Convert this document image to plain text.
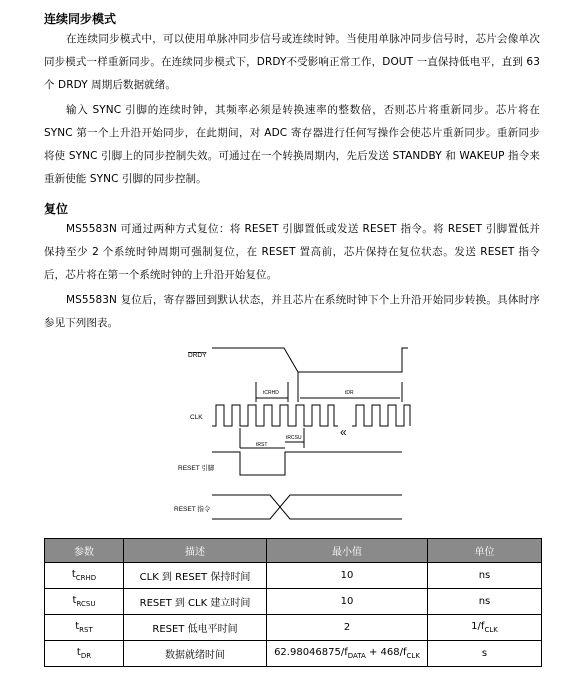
连续同步模式

在连续同步模式中，可以使用单脉冲同步信号或连续时钟。当使用单脉冲同步信号时，芯片会像单次同步模式一样重新同步。在连续同步模式下，DRDY不受影响正常工作，DOUT 一直保持低电平，直到 63 个 DRDY 周期后数据就绪。

输入 SYNC 引脚的连续时钟，其频率必须是转换速率的整数倍，否则芯片将重新同步。芯片将在 SYNC 第一个上升沿开始同步，在此期间，对 ADC 寄存器进行任何写操作会使芯片重新同步。重新同步将使 SYNC 引脚上的同步控制失效。可通过在一个转换周期内，先后发送 STANDBY 和 WAKEUP 指令来重新使能 SYNC 引脚的同步控制。

复位

MS5583N 可通过两种方式复位：将 RESET 引脚置低或发送 RESET 指令。将 RESET 引脚置低并保持至少 2 个系统时钟周期可强制复位，在 RESET 置高前，芯片保持在复位状态。发送 RESET 指令后，芯片将在第一个系统时钟的上升沿开始复位。

MS5583N 复位后，寄存器回到默认状态，并且芯片在系统时钟下个上升沿开始同步转换。具体时序参见下列图表。

DRDY
CLK
RESET 引脚
RESET 指令
tCRHD	tDR
tRST
tRCSU	«
参数	描述	最小值	单位
$t_{CRHD}$	CLK 到 RESET 保持时间	10	ns
$t_{RCSU}$	RESET 到 CLK 建立时间	10	ns
$t_{RST}$	RESET 低电平时间	2	$1/f_{CLK}$
$t_{DR}$	数据就绪时间	$62.98046875/f_{DATA} + 468/f_{CLK}$	s
